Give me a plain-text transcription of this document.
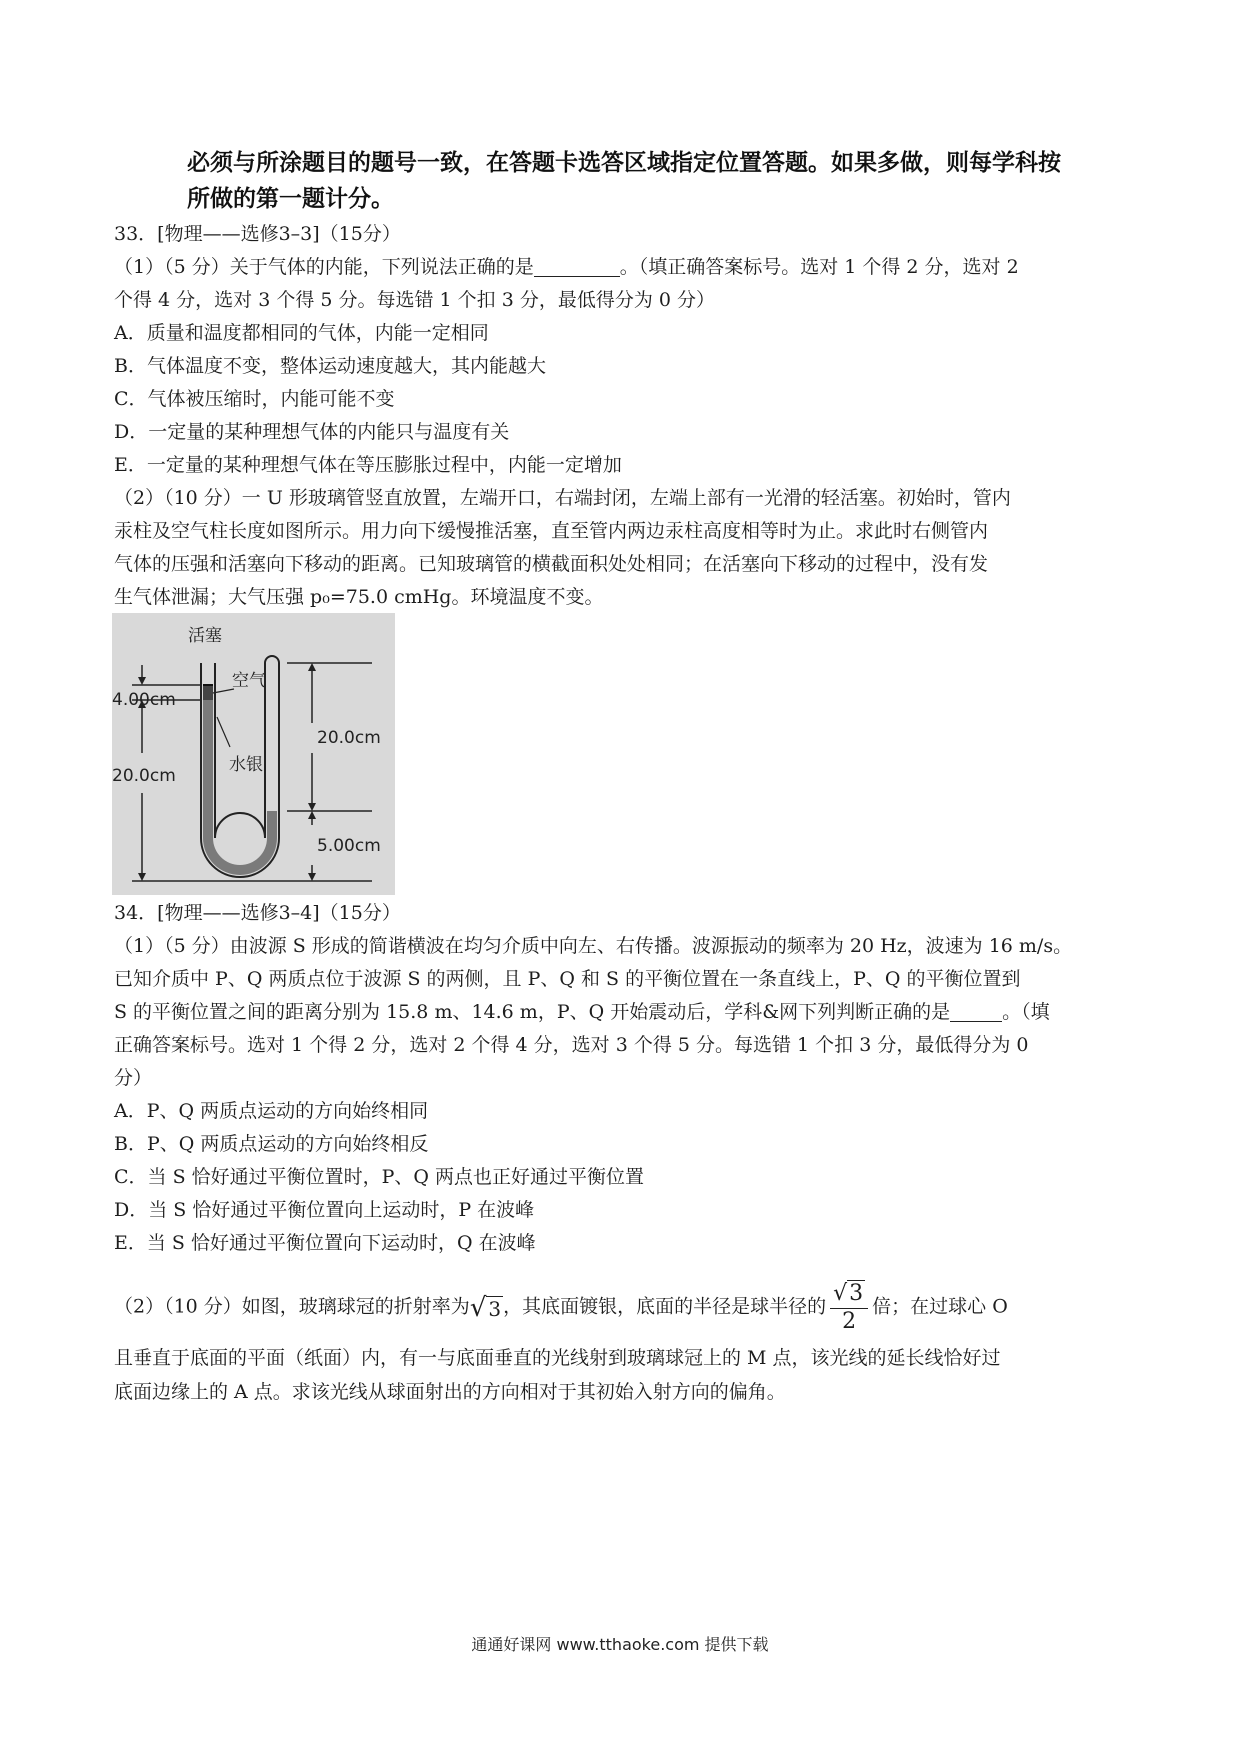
必须与所涂题目的题号一致，在答题卡选答区域指定位置答题。如果多做，则每学科按
所做的第一题计分。

33．[物理——选修3–3]（15分）

（1）（5 分）关于气体的内能，下列说法正确的是	。（填正确答案标号。选对 1 个得 2 分，选对 2

个得 4 分，选对 3 个得 5 分。每选错 1 个扣 3 分，最低得分为 0 分）

A．质量和温度都相同的气体，内能一定相同

B．气体温度不变，整体运动速度越大，其内能越大

C．气体被压缩时，内能可能不变

D．一定量的某种理想气体的内能只与温度有关

E．一定量的某种理想气体在等压膨胀过程中，内能一定增加

（2）（10 分）一 U 形玻璃管竖直放置，左端开口，右端封闭，左端上部有一光滑的轻活塞。初始时，管内

汞柱及空气柱长度如图所示。用力向下缓慢推活塞，直至管内两边汞柱高度相等时为止。求此时右侧管内

气体的压强和活塞向下移动的距离。已知玻璃管的横截面积处处相同；在活塞向下移动的过程中，没有发

生气体泄漏；大气压强 p₀=75.0 cmHg。环境温度不变。

活塞
空气
水银
4.00cm
20.0cm
20.0cm
5.00cm

34．[物理——选修3–4]（15分）

（1）（5 分）由波源 S 形成的简谐横波在均匀介质中向左、右传播。波源振动的频率为 20 Hz，波速为 16 m/s。

已知介质中 P、Q 两质点位于波源 S 的两侧，且 P、Q 和 S 的平衡位置在一条直线上，P、Q 的平衡位置到

S 的平衡位置之间的距离分别为 15.8 m、14.6 m，P、Q 开始震动后，学科&网下列判断正确的是	。（填

正确答案标号。选对 1 个得 2 分，选对 2 个得 4 分，选对 3 个得 5 分。每选错 1 个扣 3 分，最低得分为 0

分）

A．P、Q 两质点运动的方向始终相同

B．P、Q 两质点运动的方向始终相反

C．当 S 恰好通过平衡位置时，P、Q 两点也正好通过平衡位置

D．当 S 恰好通过平衡位置向上运动时，P 在波峰

E．当 S 恰好通过平衡位置向下运动时，Q 在波峰

（2）（10 分）如图，玻璃球冠的折射率为√ 3 ，其底面镀银，底面的半径是球半径的 $\frac{√3}{2}$ 倍；在过球心 O

且垂直于底面的平面（纸面）内，有一与底面垂直的光线射到玻璃球冠上的 M 点，该光线的延长线恰好过

底面边缘上的 A 点。求该光线从球面射出的方向相对于其初始入射方向的偏角。

通通好课网 www.tthaoke.com 提供下载
